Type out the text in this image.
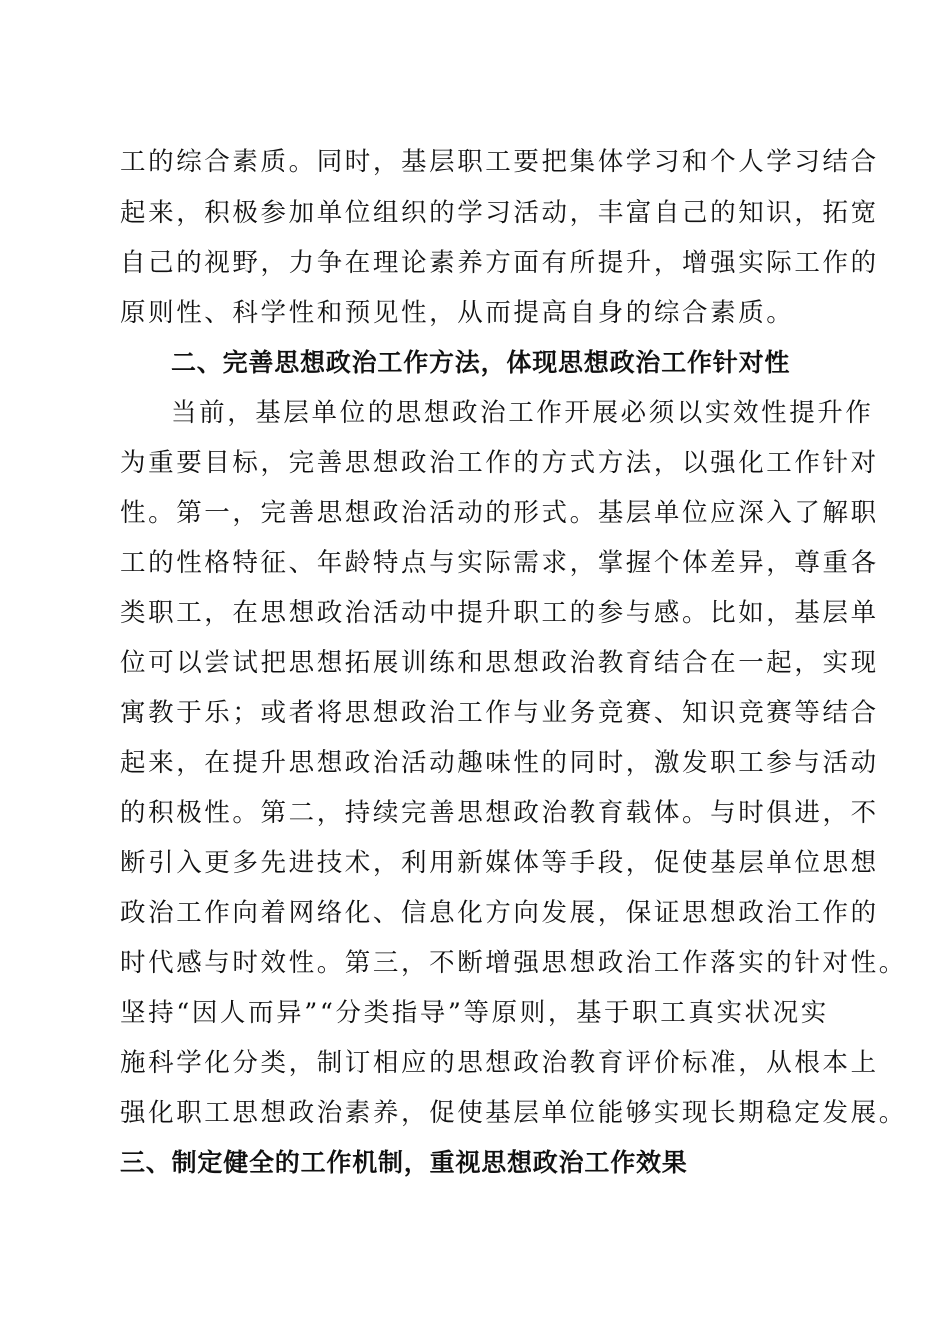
工的综合素质。同时，基层职工要把集体学习和个人学习结合

起来，积极参加单位组织的学习活动，丰富自己的知识，拓宽

自己的视野，力争在理论素养方面有所提升，增强实际工作的

原则性、科学性和预见性，从而提高自身的综合素质。

二、完善思想政治工作方法，体现思想政治工作针对性

当前，基层单位的思想政治工作开展必须以实效性提升作

为重要目标，完善思想政治工作的方式方法，以强化工作针对

性。第一，完善思想政治活动的形式。基层单位应深入了解职

工的性格特征、年龄特点与实际需求，掌握个体差异，尊重各

类职工，在思想政治活动中提升职工的参与感。比如，基层单

位可以尝试把思想拓展训练和思想政治教育结合在一起，实现

寓教于乐；或者将思想政治工作与业务竞赛、知识竞赛等结合

起来，在提升思想政治活动趣味性的同时，激发职工参与活动

的积极性。第二，持续完善思想政治教育载体。与时俱进，不

断引入更多先进技术，利用新媒体等手段，促使基层单位思想

政治工作向着网络化、信息化方向发展，保证思想政治工作的

时代感与时效性。第三，不断增强思想政治工作落实的针对性。

坚持“因人而异”“分类指导”等原则，基于职工真实状况实

施科学化分类，制订相应的思想政治教育评价标准，从根本上

强化职工思想政治素养，促使基层单位能够实现长期稳定发展。

三、制定健全的工作机制，重视思想政治工作效果
